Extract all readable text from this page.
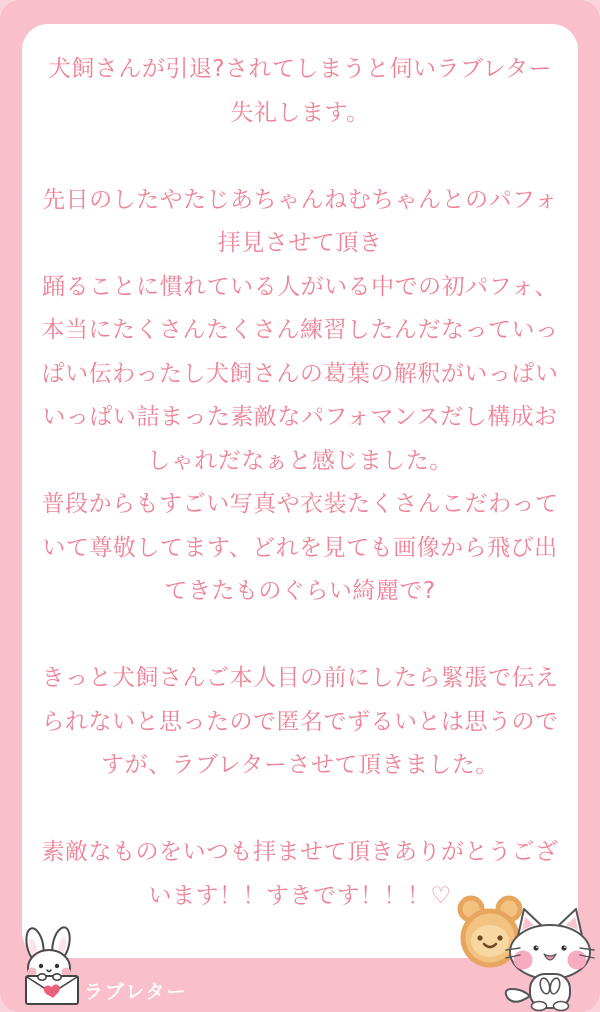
犬飼さんが引退?されてしまうと伺いラブレター
失礼します。
先日のしたやたじあちゃんねむちゃんとのパフォ
拝見させて頂き
踊ることに慣れている人がいる中での初パフォ、
本当にたくさんたくさん練習したんだなっていっ
ぱい伝わったし犬飼さんの葛葉の解釈がいっぱい
いっぱい詰まった素敵なパフォマンスだし構成お
しゃれだなぁと感じました。
普段からもすごい写真や衣装たくさんこだわって
いて尊敬してます、どれを見ても画像から飛び出
てきたものぐらい綺麗で?
きっと犬飼さんご本人目の前にしたら緊張で伝え
られないと思ったので匿名でずるいとは思うので
すが、ラブレターさせて頂きました。
素敵なものをいつも拝ませて頂きありがとうござ
います！！すきです！！！♡
ラブレター
